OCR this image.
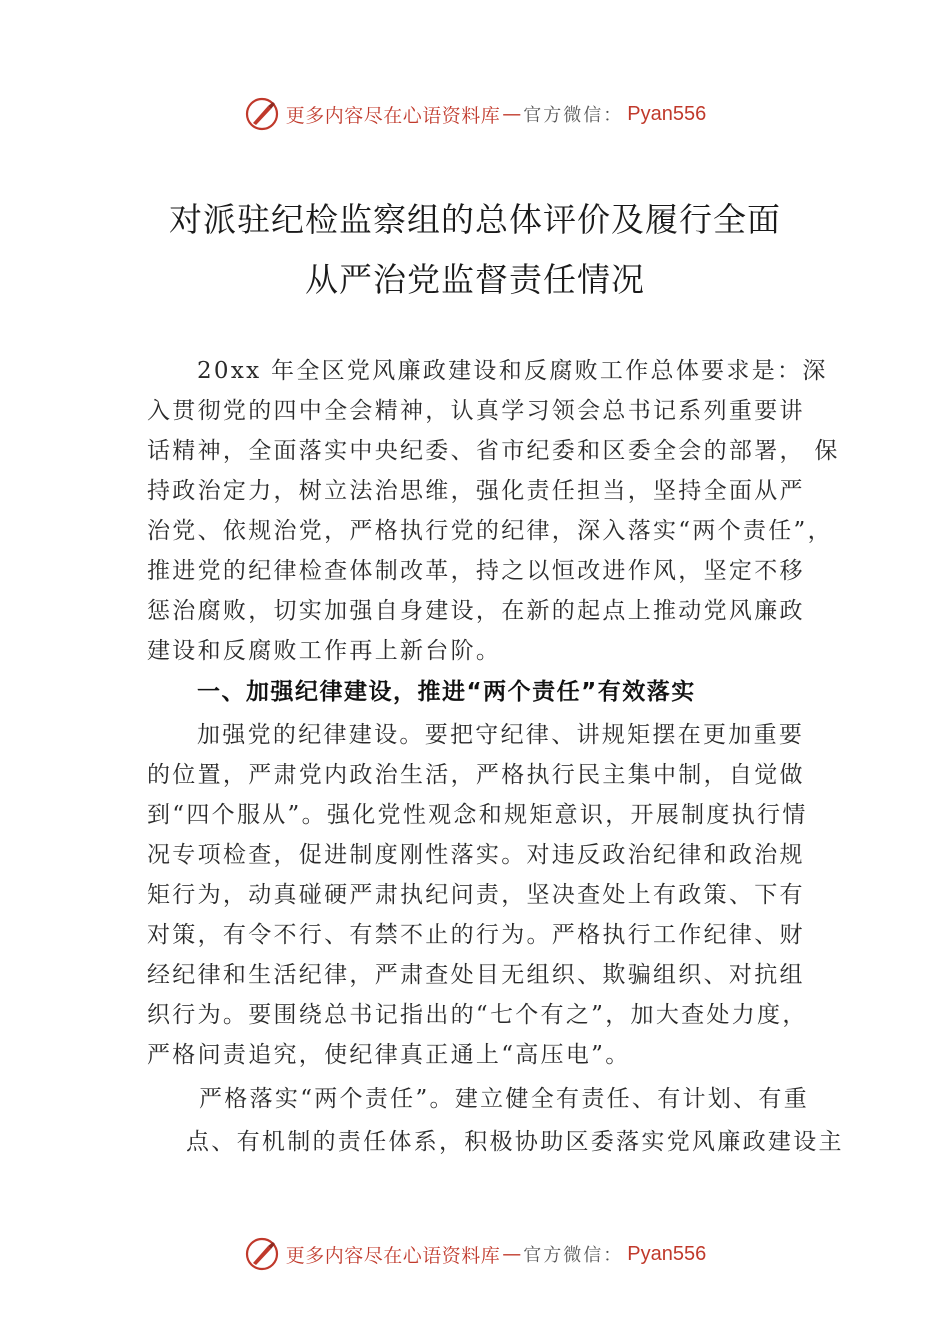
更多内容尽在心语资料库 — 官方微信： Pyan556
对派驻纪检监察组的总体评价及履行全面
从严治党监督责任情况
20xx 年全区党风廉政建设和反腐败工作总体要求是：深
入贯彻党的四中全会精神，认真学习领会总书记系列重要讲
话精神，全面落实中央纪委、省市纪委和区委全会的部署， 保
持政治定力，树立法治思维，强化责任担当，坚持全面从严
治党、依规治党，严格执行党的纪律，深入落实“两个责任”，
推进党的纪律检查体制改革，持之以恒改进作风，坚定不移
惩治腐败，切实加强自身建设，在新的起点上推动党风廉政
建设和反腐败工作再上新台阶。
一、加强纪律建设，推进“两个责任”有效落实
加强党的纪律建设。要把守纪律、讲规矩摆在更加重要
的位置，严肃党内政治生活，严格执行民主集中制，自觉做
到“四个服从”。强化党性观念和规矩意识，开展制度执行情
况专项检查，促进制度刚性落实。对违反政治纪律和政治规
矩行为，动真碰硬严肃执纪问责，坚决查处上有政策、下有
对策，有令不行、有禁不止的行为。严格执行工作纪律、财
经纪律和生活纪律，严肃查处目无组织、欺骗组织、对抗组
织行为。要围绕总书记指出的“七个有之”，加大查处力度，
严格问责追究，使纪律真正通上“高压电”。
严格落实“两个责任”。建立健全有责任、有计划、有重
点、有机制的责任体系，积极协助区委落实党风廉政建设主
更多内容尽在心语资料库 — 官方微信： Pyan556
